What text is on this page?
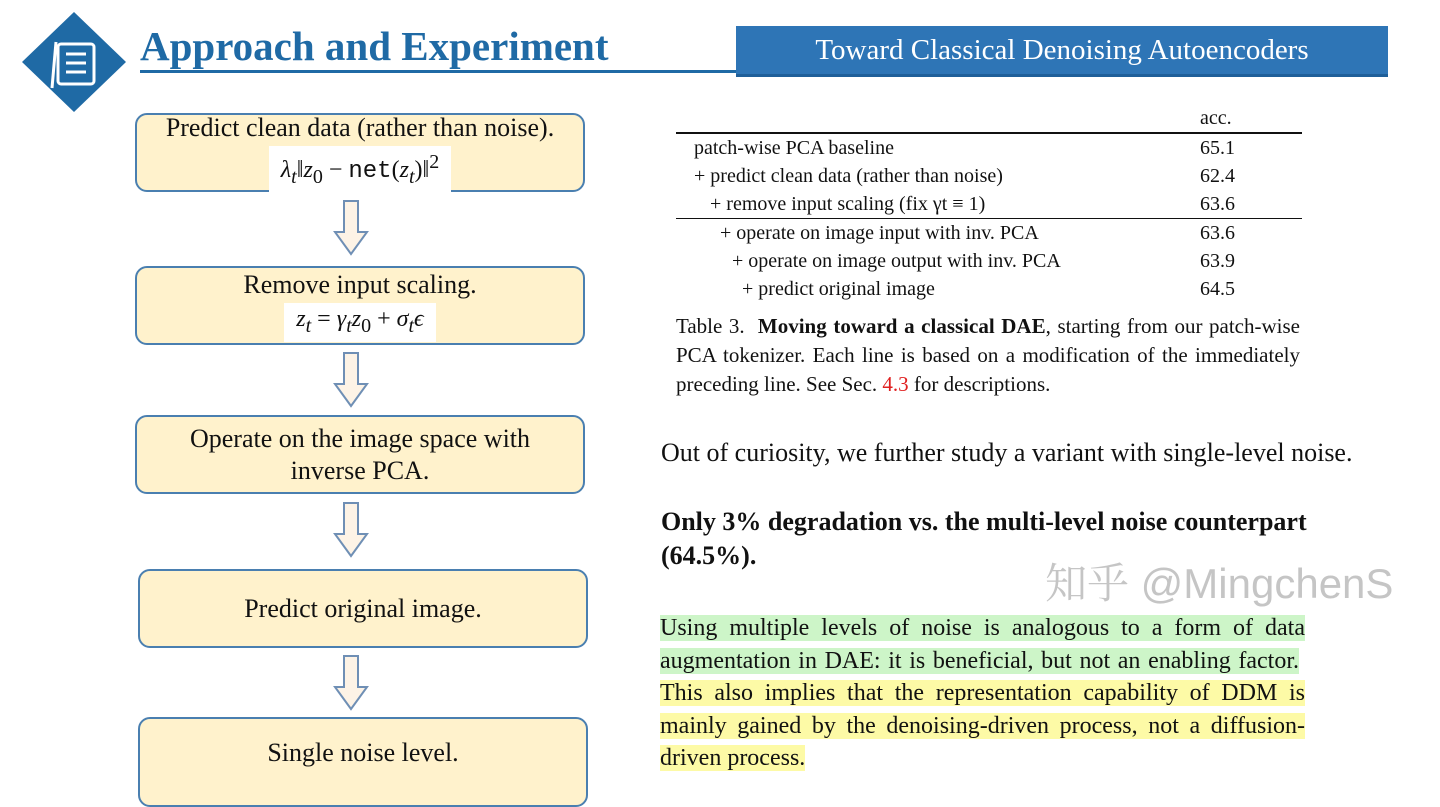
Approach and Experiment	Toward Classical Denoising Autoencoders
Predict clean data (rather than noise).
$\lambda_t‖z_0$ − $net(z_t)‖^2$
Remove input scaling.
$z_t = \gamma_tz_0 + \sigma_t\epsilon$
Operate on the image space with inverse PCA.
Predict original image.
Single noise level.
acc.
patch-wise PCA baseline	65.1
+ predict clean data (rather than noise)	62.4
+ remove input scaling (fix γt ≡ 1)	63.6
+ operate on image input with inv. PCA	63.6
+ operate on image output with inv. PCA	63.9
+ predict original image	64.5
Table 3. Moving toward a classical DAE, starting from our patch-wise PCA tokenizer. Each line is based on a modification of the immediately preceding line. See Sec. 4.3 for descriptions.
Out of curiosity, we further study a variant with single-level noise.
Only 3% degradation vs. the multi-level noise counterpart (64.5%).
Using multiple levels of noise is analogous to a form of data augmentation in DAE: it is beneficial, but not an enabling factor.  This also implies that the representation capability of DDM is mainly gained by the denoising-driven process, not a diffusion-driven process.
知乎 @MingchenS
